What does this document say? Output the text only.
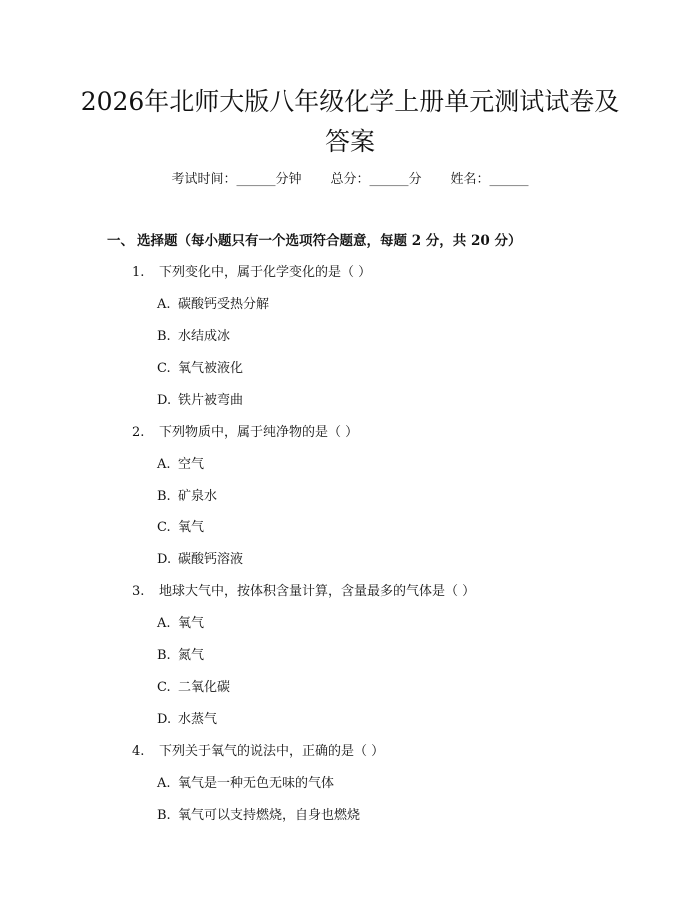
2026年北师大版八年级化学上册单元测试试卷及答案
考试时间：______分钟 总分：______分 姓名：______
一、 选择题（每小题只有一个选项符合题意，每题 2 分，共 20 分）
1. 下列变化中，属于化学变化的是（ ）
A. 碳酸钙受热分解
B. 水结成冰
C. 氧气被液化
D. 铁片被弯曲
2. 下列物质中，属于纯净物的是（ ）
A. 空气
B. 矿泉水
C. 氧气
D. 碳酸钙溶液
3. 地球大气中，按体积含量计算，含量最多的气体是（ ）
A. 氧气
B. 氮气
C. 二氧化碳
D. 水蒸气
4. 下列关于氧气的说法中，正确的是（ ）
A. 氧气是一种无色无味的气体
B. 氧气可以支持燃烧，自身也燃烧
